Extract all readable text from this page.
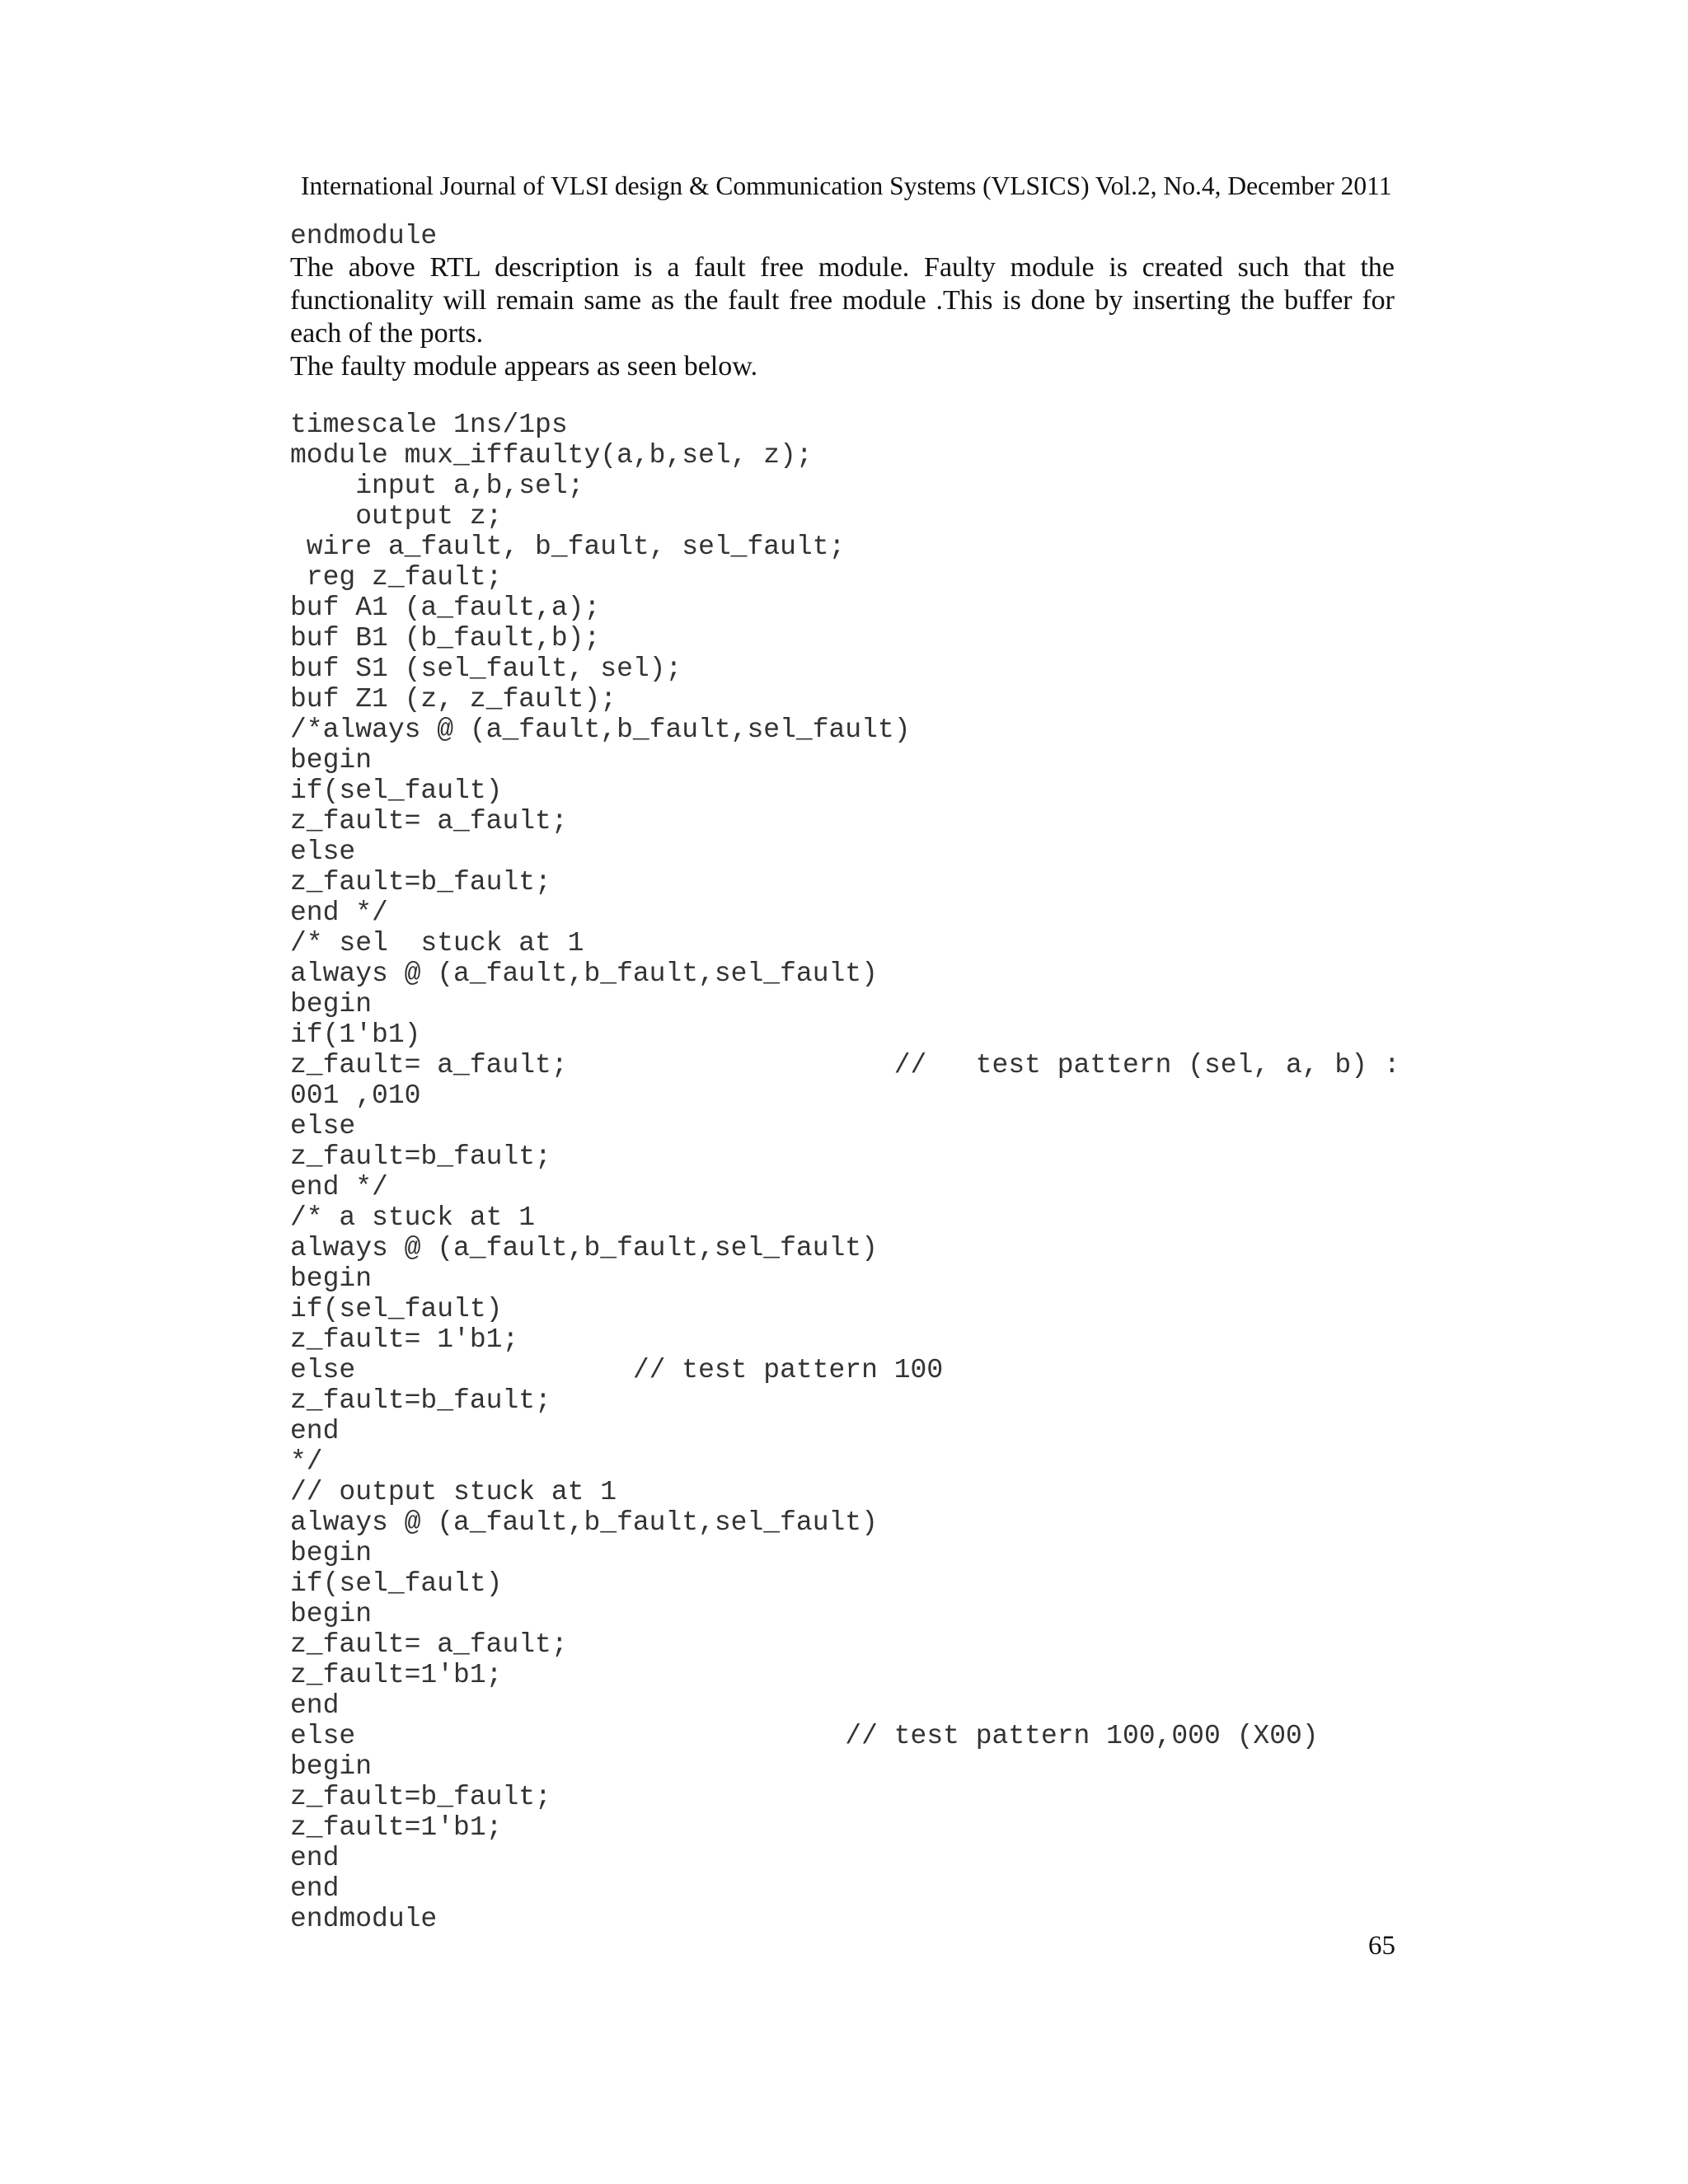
International Journal of VLSI design & Communication Systems (VLSICS) Vol.2, No.4, December 2011
endmodule

The above RTL description is a fault free module. Faulty module is created such that the functionality will remain same as the fault free module .This is done by inserting the buffer for each of the ports.

The faulty module appears as seen below.

timescale 1ns/1ps
module mux_iffaulty(a,b,sel, z);
input a,b,sel;
output z;
wire a_fault, b_fault, sel_fault;
reg z_fault;
buf A1 (a_fault,a);
buf B1 (b_fault,b);
buf S1 (sel_fault, sel);
buf Z1 (z, z_fault);
/*always @ (a_fault,b_fault,sel_fault)
begin
if(sel_fault)
z_fault= a_fault;
else
z_fault=b_fault;
end */
/* sel  stuck at 1
always @ (a_fault,b_fault,sel_fault)
begin
if(1'b1)
z_fault= a_fault;                    //   test pattern (sel, a, b) :
001 ,010
else
z_fault=b_fault;
end */
/* a stuck at 1
always @ (a_fault,b_fault,sel_fault)
begin
if(sel_fault)
z_fault= 1'b1;
else                 // test pattern 100
z_fault=b_fault;
end
*/
// output stuck at 1
always @ (a_fault,b_fault,sel_fault)
begin
if(sel_fault)
begin
z_fault= a_fault;
z_fault=1'b1;
end
else                              // test pattern 100,000 (X00)
begin
z_fault=b_fault;
z_fault=1'b1;
end
end
endmodule
65
